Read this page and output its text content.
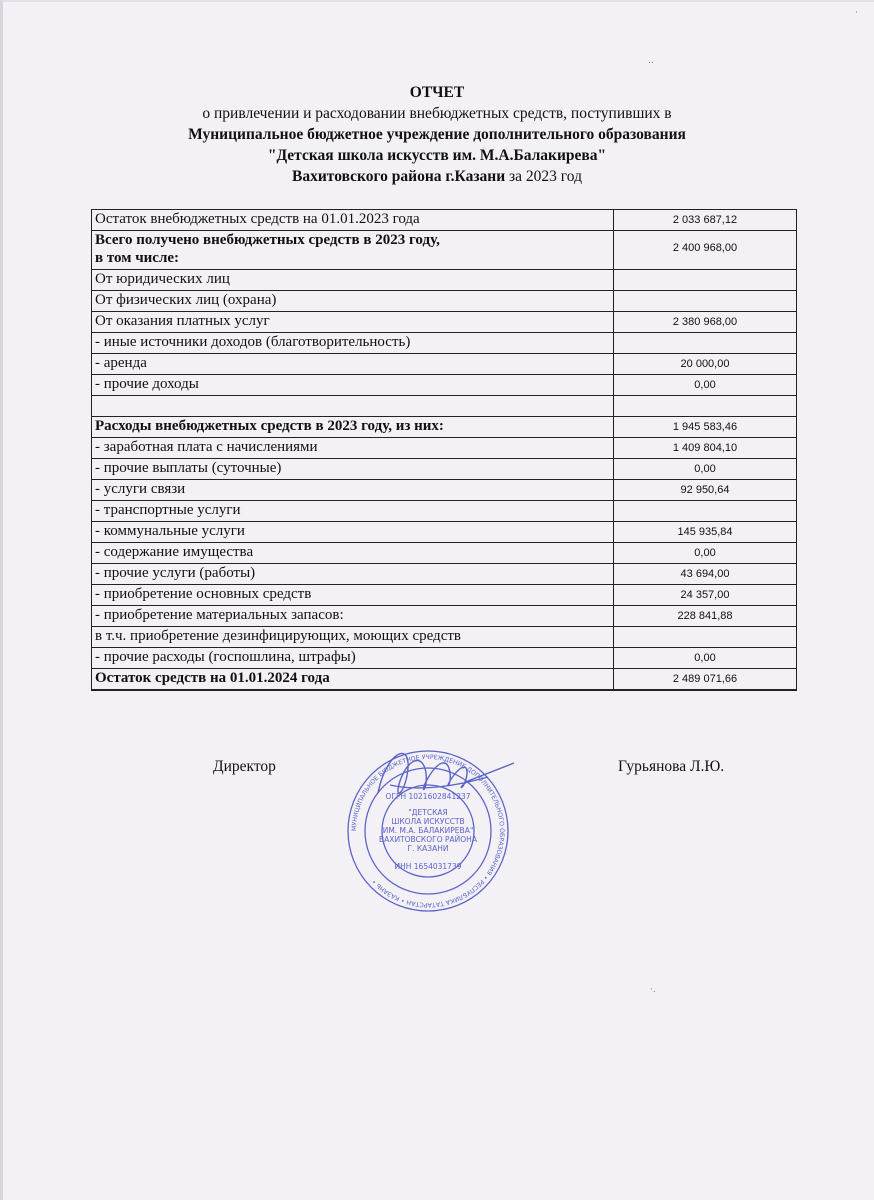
·
ОТЧЕТ
о привлечении и расходовании внебюджетных средств, поступивших в
Муниципальное бюджетное учреждение дополнительного образования
"Детская школа искусств им. М.А.Балакирева"
Вахитовского района г.Казани за 2023 год
Остаток внебюджетных средств на 01.01.2023 года	2 033 687,12

Всего получено внебюджетных средств в 2023 году,
в том числе:	2 400 968,00
От юридических лиц	
От физических лиц (охрана)	
От оказания платных услуг	2 380 968,00
- иные источники доходов (благотворительность)	
- аренда	20 000,00
- прочие доходы	0,00

Расходы внебюджетных средств в 2023 году, из них:	1 945 583,46
- заработная плата с начислениями	1 409 804,10
- прочие выплаты (суточные)	0,00
- услуги связи	92 950,64
- транспортные услуги	
- коммунальные услуги	145 935,84
- содержание имущества	0,00
- прочие услуги (работы)	43 694,00
- приобретение основных средств	24 357,00
- приобретение материальных запасов:	228 841,88
в т.ч. приобретение дезинфицирующих, моющих средств	
- прочие расходы (госпошлина, штрафы)	0,00
Остаток средств на 01.01.2024 года	2 489 071,66
Директор	Гурьянова Л.Ю.
"ДЕТСКАЯ
ШКОЛА ИСКУССТВ
ИМ. М.А. БАЛАКИРЕВА"
ВАХИТОВСКОГО РАЙОНА
Г. КАЗАНИ
ОГРН 1021602841237
ИНН 1654031739
МУНИЦИПАЛЬНОЕ БЮДЖЕТНОЕ УЧРЕЖДЕНИЕ ДОПОЛНИТЕЛЬНОГО ОБРАЗОВАНИЯ • РЕСПУБЛИКА ТАТАРСТАН • КАЗАНЬ •
..
·.
